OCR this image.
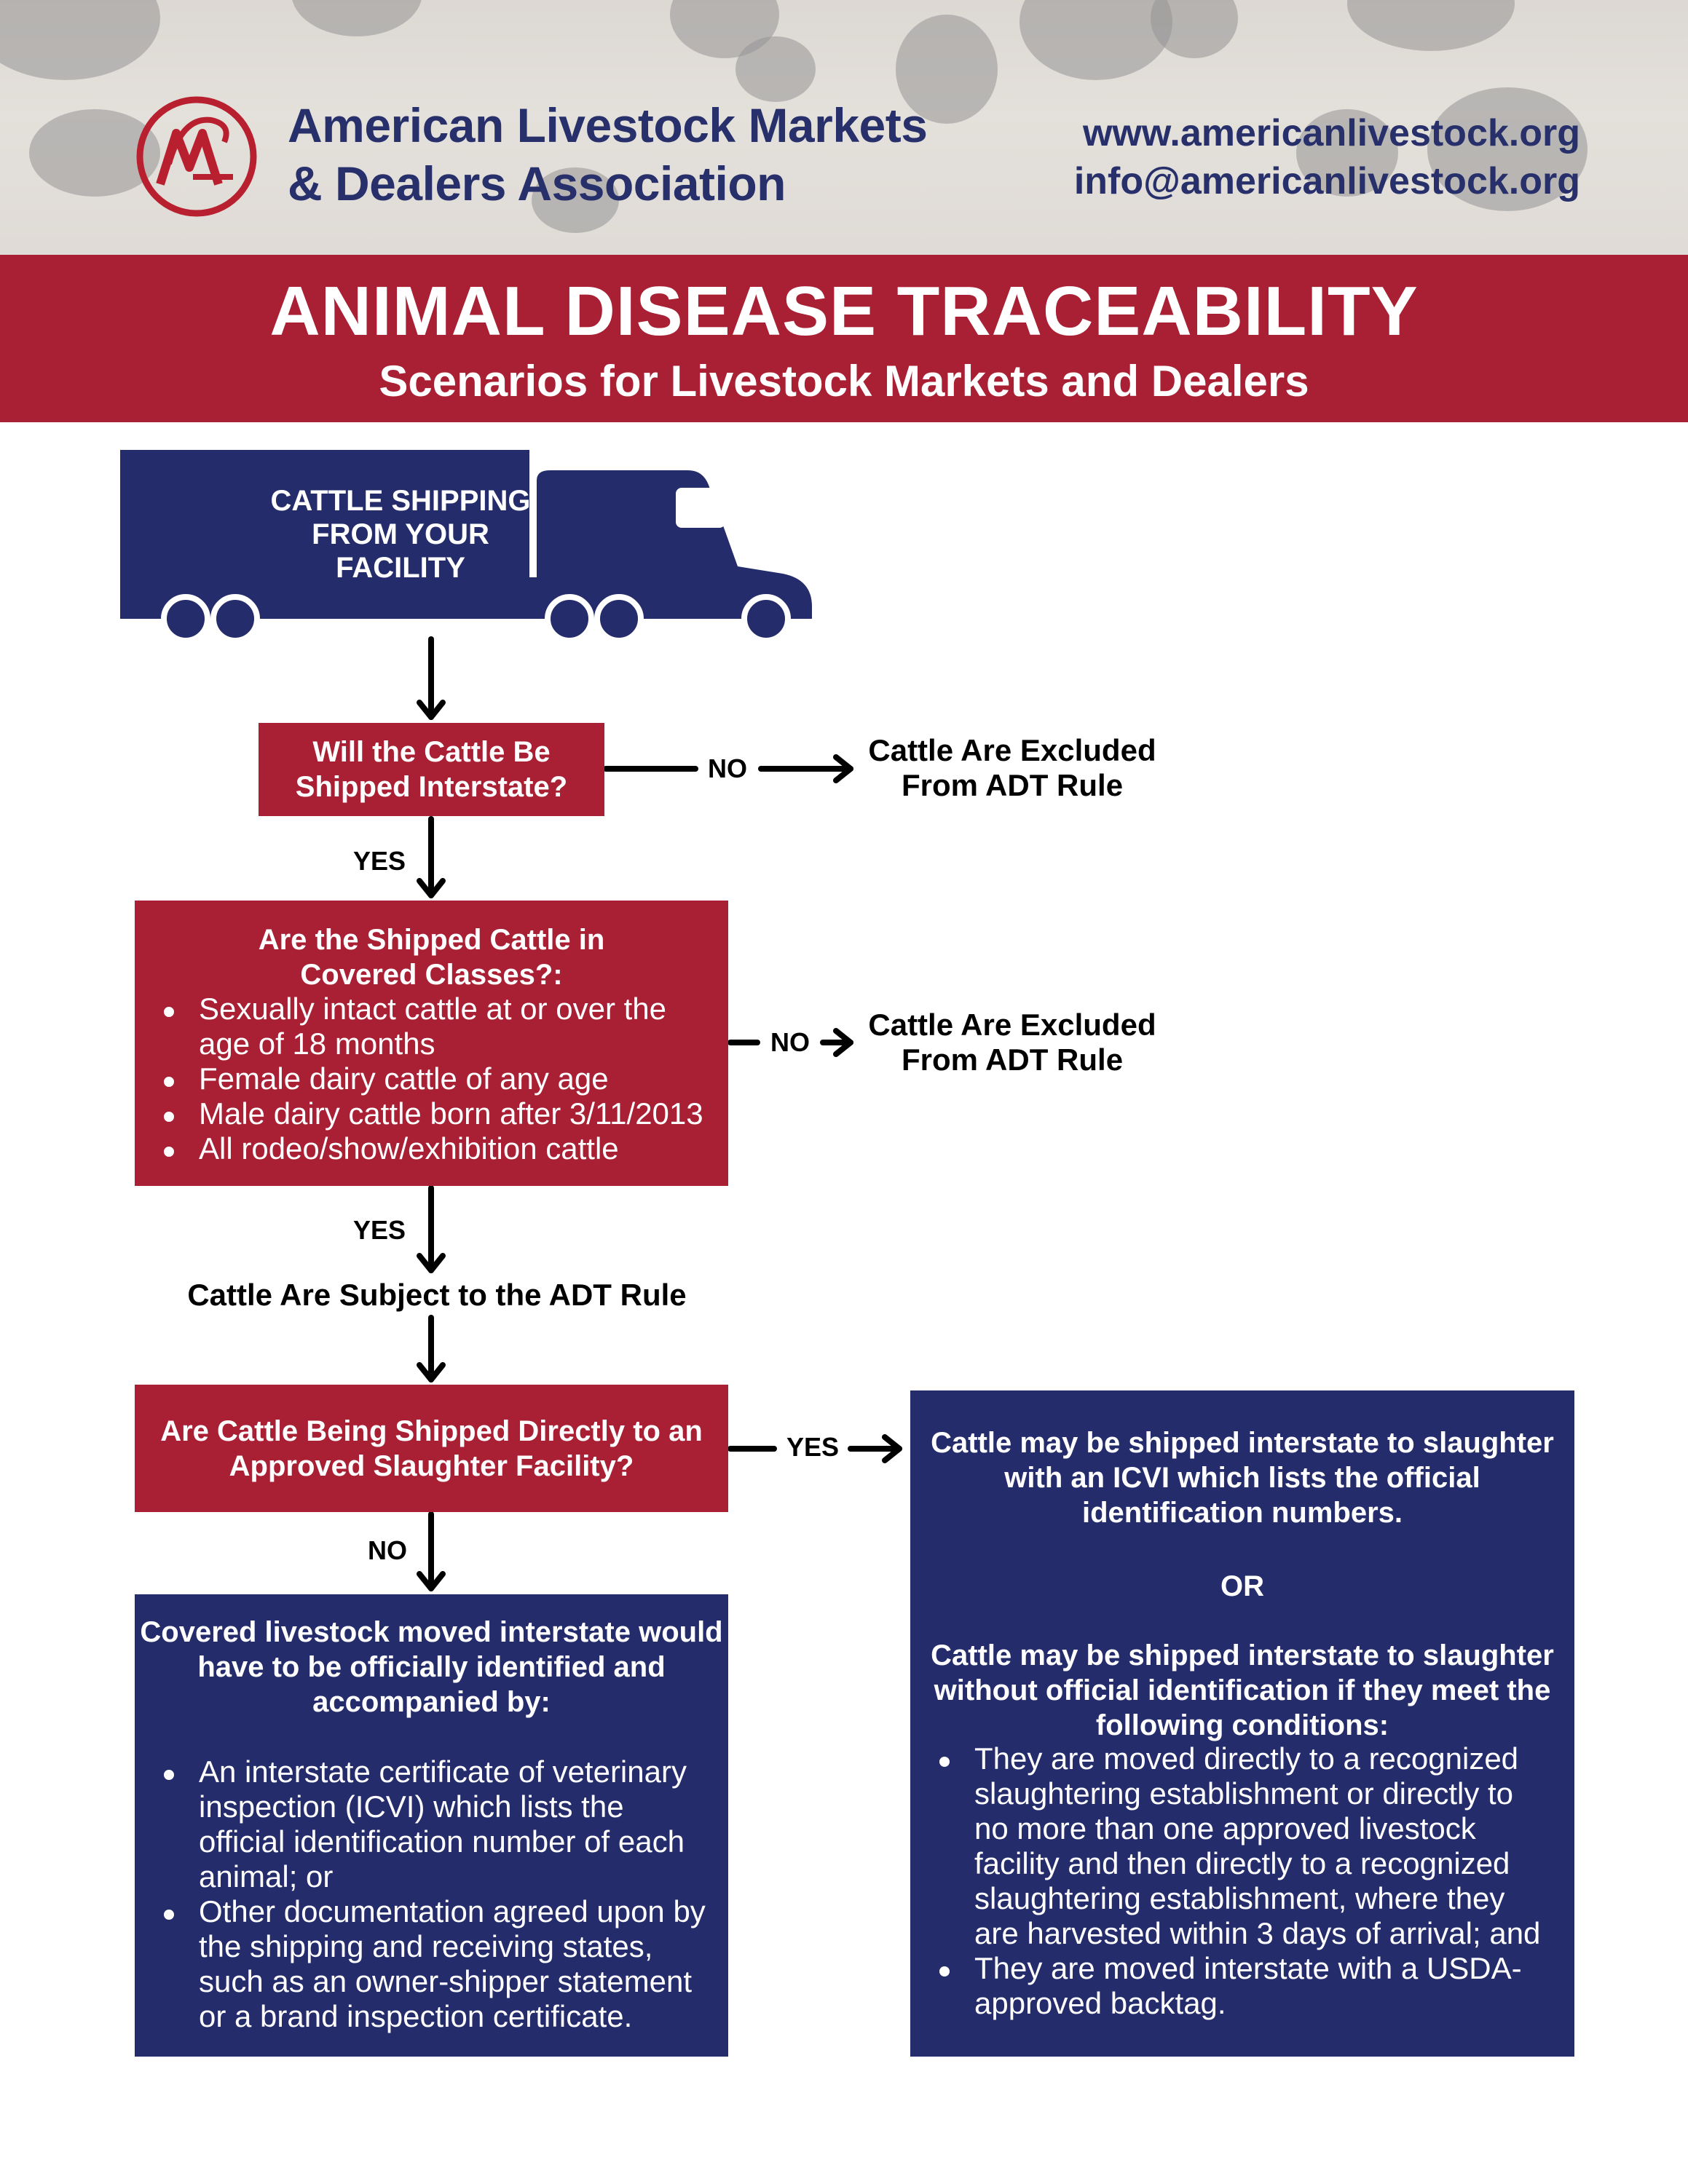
American Livestock Markets
& Dealers Association
www.americanlivestock.org
info@americanlivestock.org
ANIMAL DISEASE TRACEABILITY
Scenarios for Livestock Markets and Dealers
CATTLE SHIPPING
FROM YOUR
FACILITY
Will the Cattle Be
Shipped Interstate?
NO
Cattle Are Excluded
From ADT Rule
YES
Are the Shipped Cattle in
Covered Classes?:
Sexually intact cattle at or over the age of 18 months
Female dairy cattle of any age
Male dairy cattle born after 3/11/2013
All rodeo/show/exhibition cattle
NO
Cattle Are Excluded
From ADT Rule
YES
Cattle Are Subject to the ADT Rule
Are Cattle Being Shipped Directly to an
Approved Slaughter Facility?
YES
NO
Covered livestock moved interstate would have to be officially identified and accompanied by:
An interstate certificate of veterinary inspection (ICVI) which lists the official identification number of each animal; or
Other documentation agreed upon by the shipping and receiving states, such as an owner-shipper statement or a brand inspection certificate.
Cattle may be shipped interstate to slaughter with an ICVI which lists the official identification numbers.
OR
Cattle may be shipped interstate to slaughter without official identification if they meet the following conditions:
They are moved directly to a recognized slaughtering establishment or directly to no more than one approved livestock facility and then directly to a recognized slaughtering establishment, where they are harvested within 3 days of arrival; and
They are moved interstate with a USDA-approved backtag.
